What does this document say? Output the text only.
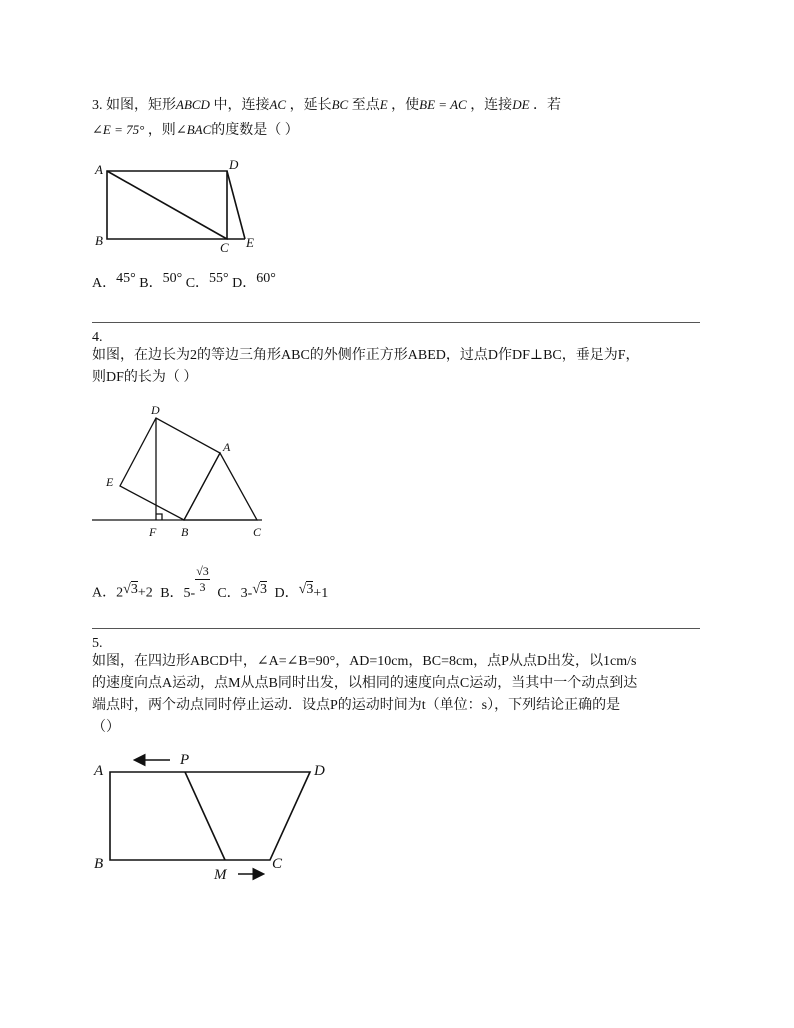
3. 如图，矩形ABCD 中，连接AC ，延长BC 至点E ，使BE = AC ，连接DE ．若
∠E = 75° ，则∠BAC的度数是（ ）
A	D
B	C E
A．45° B．50° C．55° D．60°
4.
如图，在边长为2的等边三角形ABC的外侧作正方形ABED，过点D作DF⊥BC，垂足为F，
则DF的长为（ ）
D
A
E
F B	C
A．2√3+2 B．$5- \frac{√3}{3}$ C．3-√3 D．√3+1
5.
如图，在四边形ABCD中，∠A=∠B=90°，AD=10cm，BC=8cm，点P从点D出发，以1cm/s
的速度向点A运动，点M从点B同时出发，以相同的速度向点C运动，当其中一个动点到达
端点时，两个动点同时停止运动．设点P的运动时间为t（单位：s），下列结论正确的是
（）
A
P
D
B
M
C
